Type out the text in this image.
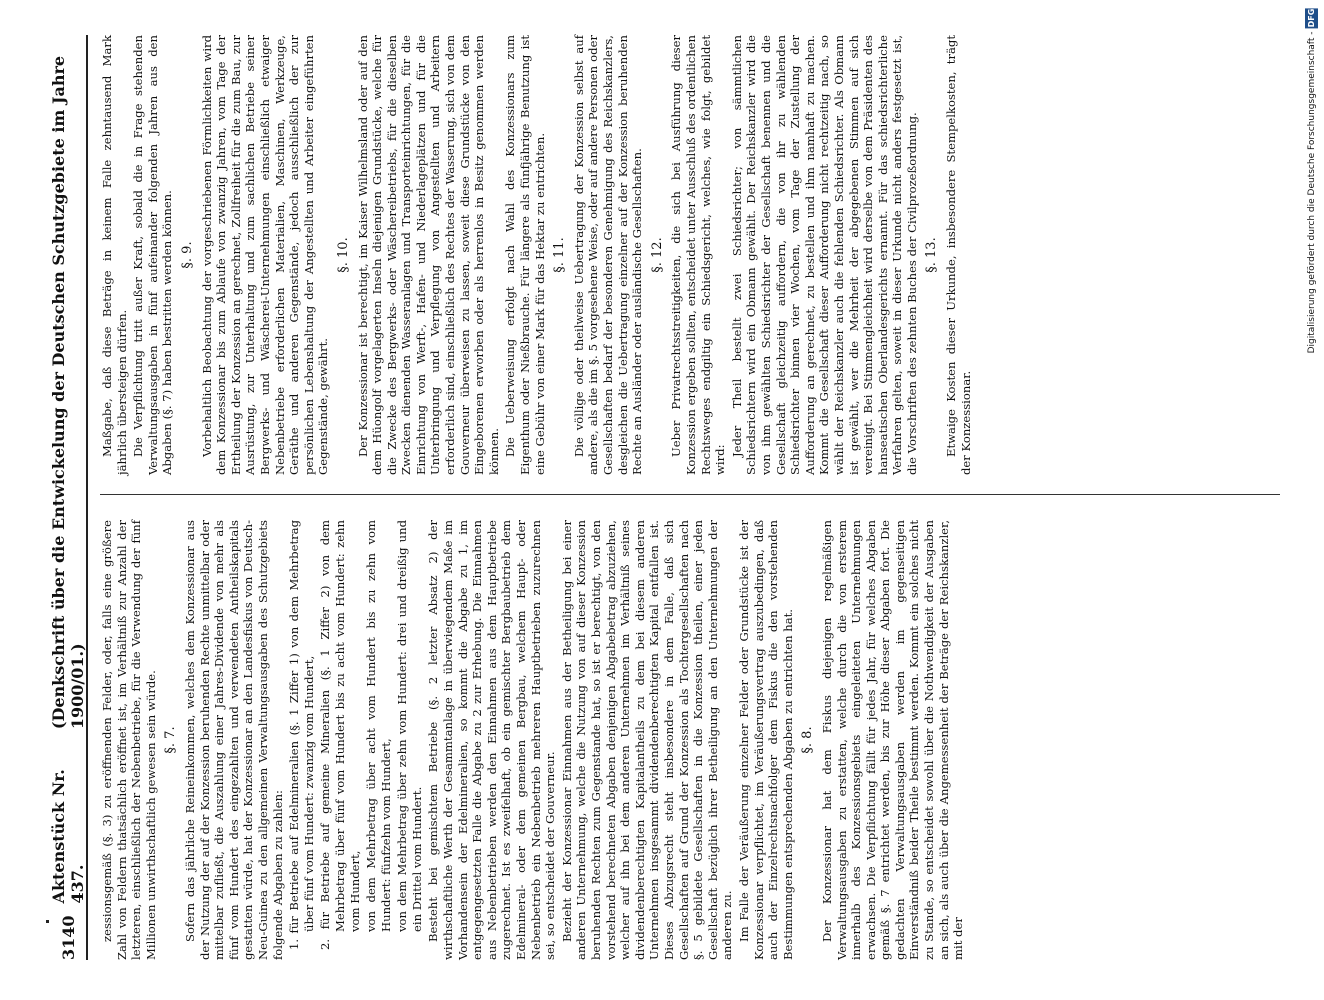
3140
Aktenstück Nr. 437.
(Denkschrift über die Entwickelung der Deutschen Schutzgebiete im Jahre 1900/01.) zessionsgemäß (§. 3) zu eröffnenden Felder, oder, falls eine größere Zahl von Feldern thatsächlich eröffnet ist, im Verhältniß zur Anzahl der letzteren, einschließlich der Nebenbetriebe, für die Verwendung der fünf Millionen unwirthschaftlich gewesen sein würde. §. 7. Sofern das jährliche Reineinkommen, welches dem Konzessionar aus der Nutzung der auf der Konzession beruhenden Rechte unmittelbar oder mittelbar zufließt, die Auszahlung einer Jahres-Dividende von mehr als fünf vom Hundert des eingezahlten und verwendeten Antheilskapitals gestatten würde, hat der Konzessionar an den Landesfiskus von Deutsch-Neu-Guinea zu den allgemeinen Verwaltungsausgaben des Schutzgebiets folgende Abgaben zu zahlen: 1. für Betriebe auf Edelmineralien (§. 1 Ziffer 1) von dem Mehrbetrag über fünf vom Hundert: zwanzig vom Hundert, 2. für Betriebe auf gemeine Mineralien (§. 1 Ziffer 2) von dem Mehrbetrag über fünf vom Hundert bis zu acht vom Hundert: zehn vom Hundert, von dem Mehrbetrag über acht vom Hundert bis zu zehn vom Hundert: fünfzehn vom Hundert, von dem Mehrbetrag über zehn vom Hundert: drei und dreißig und ein Drittel vom Hundert. Besteht bei gemischtem Betriebe (§. 2 letzter Absatz 2) der wirthschaftliche Werth der Gesammtanlage in überwiegendem Maße im Vorhandensein der Edelmineralien, so kommt die Abgabe zu 1, im entgegengesetzten Falle die Abgabe zu 2 zur Erhebung. Die Einnahmen aus Nebenbetrieben werden den Einnahmen aus dem Hauptbetriebe zugerechnet. Ist es zweifelhaft, ob ein gemischter Bergbaubetrieb dem Edelmineral- oder dem gemeinen Bergbau, welchem Haupt- oder Nebenbetrieb ein Nebenbetrieb mehreren Hauptbetrieben zuzurechnen sei, so entscheidet der Gouverneur. Bezieht der Konzessionar Einnahmen aus der Betheiligung bei einer anderen Unternehmung, welche die Nutzung von auf dieser Konzession beruhenden Rechten zum Gegenstande hat, so ist er berechtigt, von den vorstehend berechneten Abgaben denjenigen Abgabebetrag abzuziehen, welcher auf ihn bei dem anderen Unternehmen im Verhältniß seines dividendenberechtigten Kapitalantheils zu dem bei diesem anderen Unternehmen insgesammt dividendenberechtigten Kapital entfallen ist. Dieses Abzugsrecht steht insbesondere in dem Falle, daß sich Gesellschaften auf Grund der Konzession als Tochtergesellschaften nach §. 5 gebildete Gesellschaften in die Konzession theilen, einer jeden Gesellschaft bezüglich ihrer Betheiligung an den Unternehmungen der anderen zu. Im Falle der Veräußerung einzelner Felder oder Grundstücke ist der Konzessionar verpflichtet, im Veräußerungsvertrag auszubedingen, daß auch der Einzelrechtsnachfolger dem Fiskus die den vorstehenden Bestimmungen entsprechenden Abgaben zu entrichten hat. §. 8. Der Konzessionar hat dem Fiskus diejenigen regelmäßigen Verwaltungsausgaben zu erstatten, welche durch die von ersterem innerhalb des Konzessionsgebiets eingeleiteten Unternehmungen erwachsen. Die Verpflichtung fällt für jedes Jahr, für welches Abgaben gemäß §. 7 entrichtet werden, bis zur Höhe dieser Abgaben fort. Die gedachten Verwaltungsausgaben werden im gegenseitigen Einverständniß beider Theile bestimmt werden. Kommt ein solches nicht zu Stande, so entscheidet sowohl über die Nothwendigkeit der Ausgaben an sich, als auch über die Angemessenheit der Beträge der Reichskanzler, mit der

Maßgabe, daß diese Beträge in keinem Falle zehntausend Mark jährlich übersteigen dürfen. Die Verpflichtung tritt außer Kraft, sobald die in Frage stehenden Verwaltungsausgaben in fünf aufeinander folgenden Jahren aus den Abgaben (§. 7) haben bestritten werden können. §. 9. Vorbehaltlich Beobachtung der vorgeschriebenen Förmlichkeiten wird dem Konzessionar bis zum Ablaufe von zwanzig Jahren, vom Tage der Ertheilung der Konzession an gerechnet, Zollfreiheit für die zum Bau, zur Ausrüstung, zur Unterhaltung und zum sachlichen Betriebe seiner Bergwerks- und Wäscherei-Unternehmungen einschließlich etwaiger Nebenbetriebe erforderlichen Materialien, Maschinen, Werkzeuge, Geräthe und anderen Gegenstände, jedoch ausschließlich der zur persönlichen Lebenshaltung der Angestellten und Arbeiter eingeführten Gegenstände, gewährt.

§. 10. Der Konzessionar ist berechtigt, im Kaiser Wilhelmsland oder auf den dem Hüongolf vorgelagerten Inseln diejenigen Grundstücke, welche für die Zwecke des Bergwerks- oder Wäschereibetriebs, für die dieselben Zwecken dienenden Wasseranlagen und Transporteinrichtungen, für die Einrichtung von Werft-, Hafen- und Niederlageplätzen und für die Unterbringung und Verpflegung von Angestellten und Arbeitern erforderlich sind, einschließlich des Rechtes der Wasserung, sich von dem Gouverneur überweisen zu lassen, soweit diese Grundstücke von den Eingeborenen erworben oder als herrenlos in Besitz genommen werden können. Die Ueberweisung erfolgt nach Wahl des Konzessionars zum Eigenthum oder Nießbrauche. Für längere als fünfjährige Benutzung ist eine Gebühr von einer Mark für das Hektar zu entrichten. §. 11. Die völlige oder theilweise Uebertragung der Konzession selbst auf andere, als die im §. 5 vorgesehene Weise, oder auf andere Personen oder Gesellschaften bedarf der besonderen Genehmigung des Reichskanzlers, desgleichen die Uebertragung einzelner auf der Konzession beruhenden Rechte an Ausländer oder ausländische Gesellschaften. §. 12. Ueber Privatrechtsstreitigkeiten, die sich bei Ausführung dieser Konzession ergeben sollten, entscheidet unter Ausschluß des ordentlichen Rechtsweges endgiltig ein Schiedsgericht, welches, wie folgt, gebildet wird:

Jeder Theil bestellt zwei Schiedsrichter; von sämmtlichen Schiedsrichtern wird ein Obmann gewählt. Der Reichskanzler wird die von ihm gewählten Schiedsrichter der Gesellschaft benennen und die Gesellschaft gleichzeitig auffordern, die von ihr zu wählenden Schiedsrichter binnen vier Wochen, vom Tage der Zustellung der Aufforderung an gerechnet, zu bestellen und ihm namhaft zu machen. Kommt die Gesellschaft dieser Aufforderung nicht rechtzeitig nach, so wählt der Reichskanzler auch die fehlenden Schiedsrichter. Als Obmann ist gewählt, wer die Mehrheit der abgegebenen Stimmen auf sich vereinigt. Bei Stimmengleichheit wird derselbe von dem Präsidenten des hanseatischen Oberlandesgerichts ernannt. Für das schiedsrichterliche Verfahren gelten, soweit in dieser Urkunde nicht anders festgesetzt ist, die Vorschriften des zehnten Buches der Civilprozeßordnung. §. 13. Etwaige Kosten dieser Urkunde, insbesondere Stempelkosten, trägt der Konzessionar.

Digitalisierung gefördert durch die Deutsche Forschungsgemeinschaft - DFG
